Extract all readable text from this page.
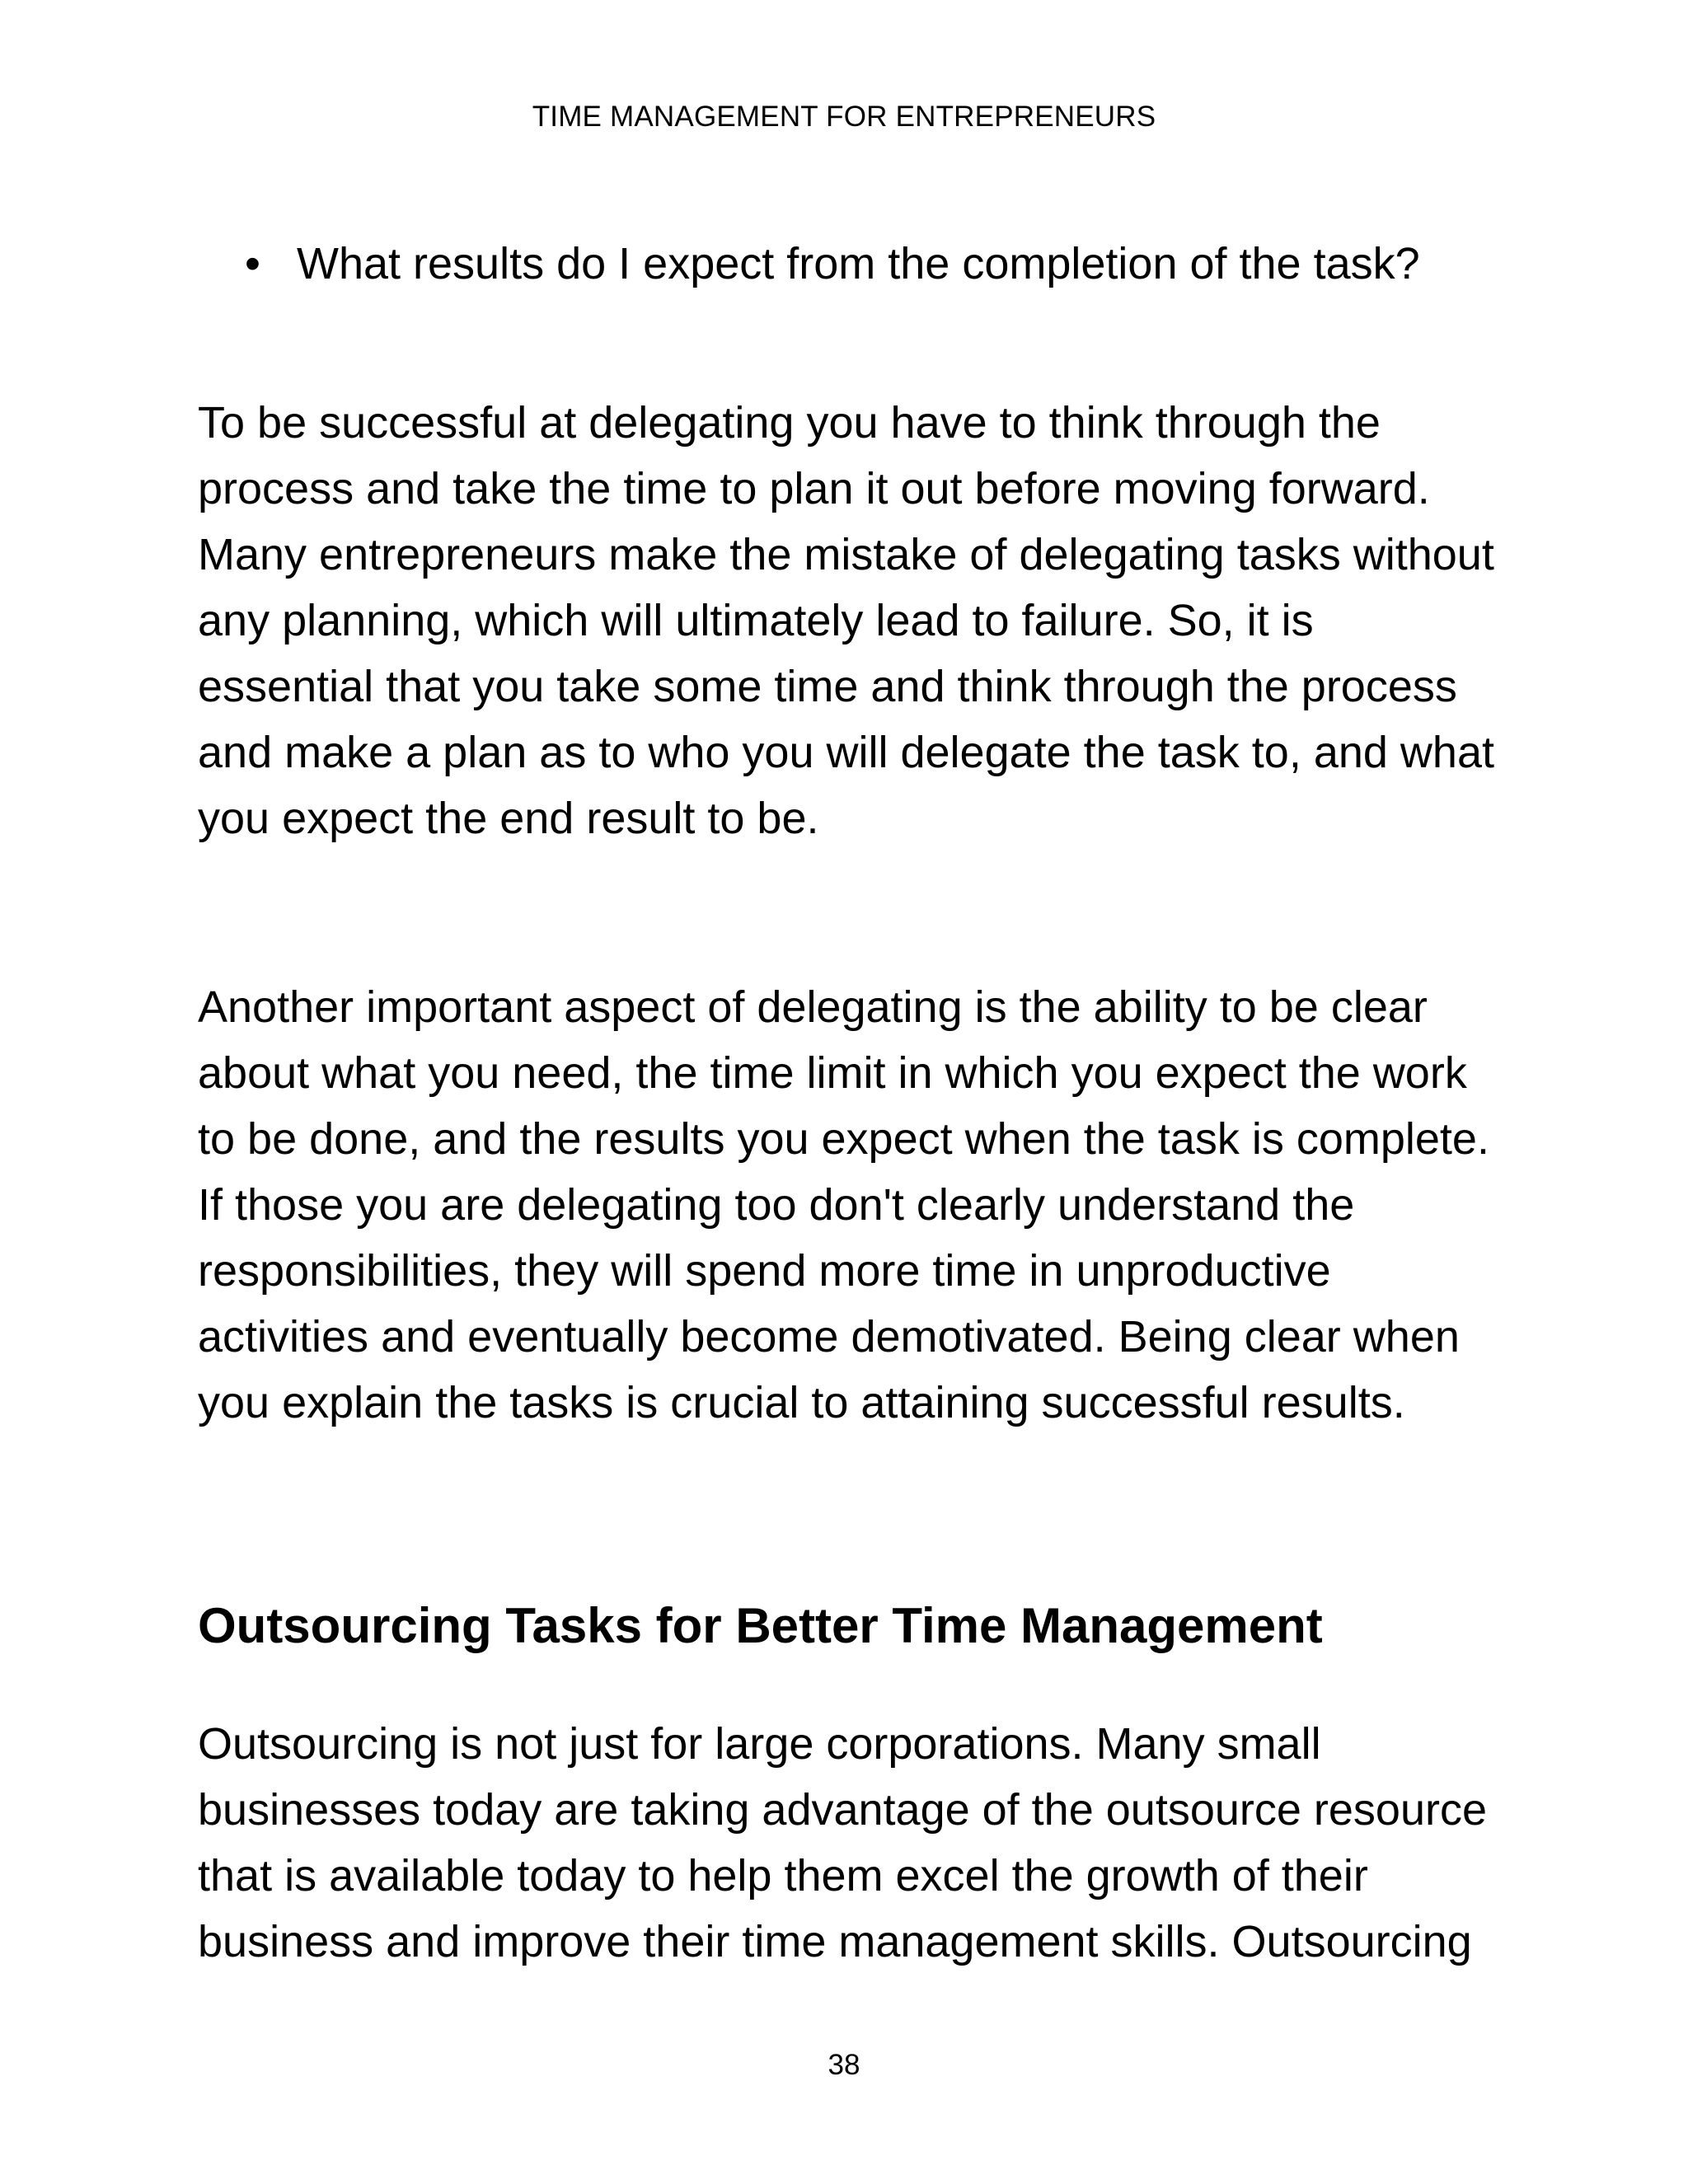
TIME MANAGEMENT FOR ENTREPRENEURS
• What results do I expect from the completion of the task?

To be successful at delegating you have to think through the
process and take the time to plan it out before moving forward.
Many entrepreneurs make the mistake of delegating tasks without
any planning, which will ultimately lead to failure. So, it is
essential that you take some time and think through the process
and make a plan as to who you will delegate the task to, and what
you expect the end result to be.

Another important aspect of delegating is the ability to be clear
about what you need, the time limit in which you expect the work
to be done, and the results you expect when the task is complete.
If those you are delegating too don't clearly understand the
responsibilities, they will spend more time in unproductive
activities and eventually become demotivated. Being clear when
you explain the tasks is crucial to attaining successful results.

Outsourcing Tasks for Better Time Management

Outsourcing is not just for large corporations. Many small
businesses today are taking advantage of the outsource resource
that is available today to help them excel the growth of their
business and improve their time management skills. Outsourcing

38
